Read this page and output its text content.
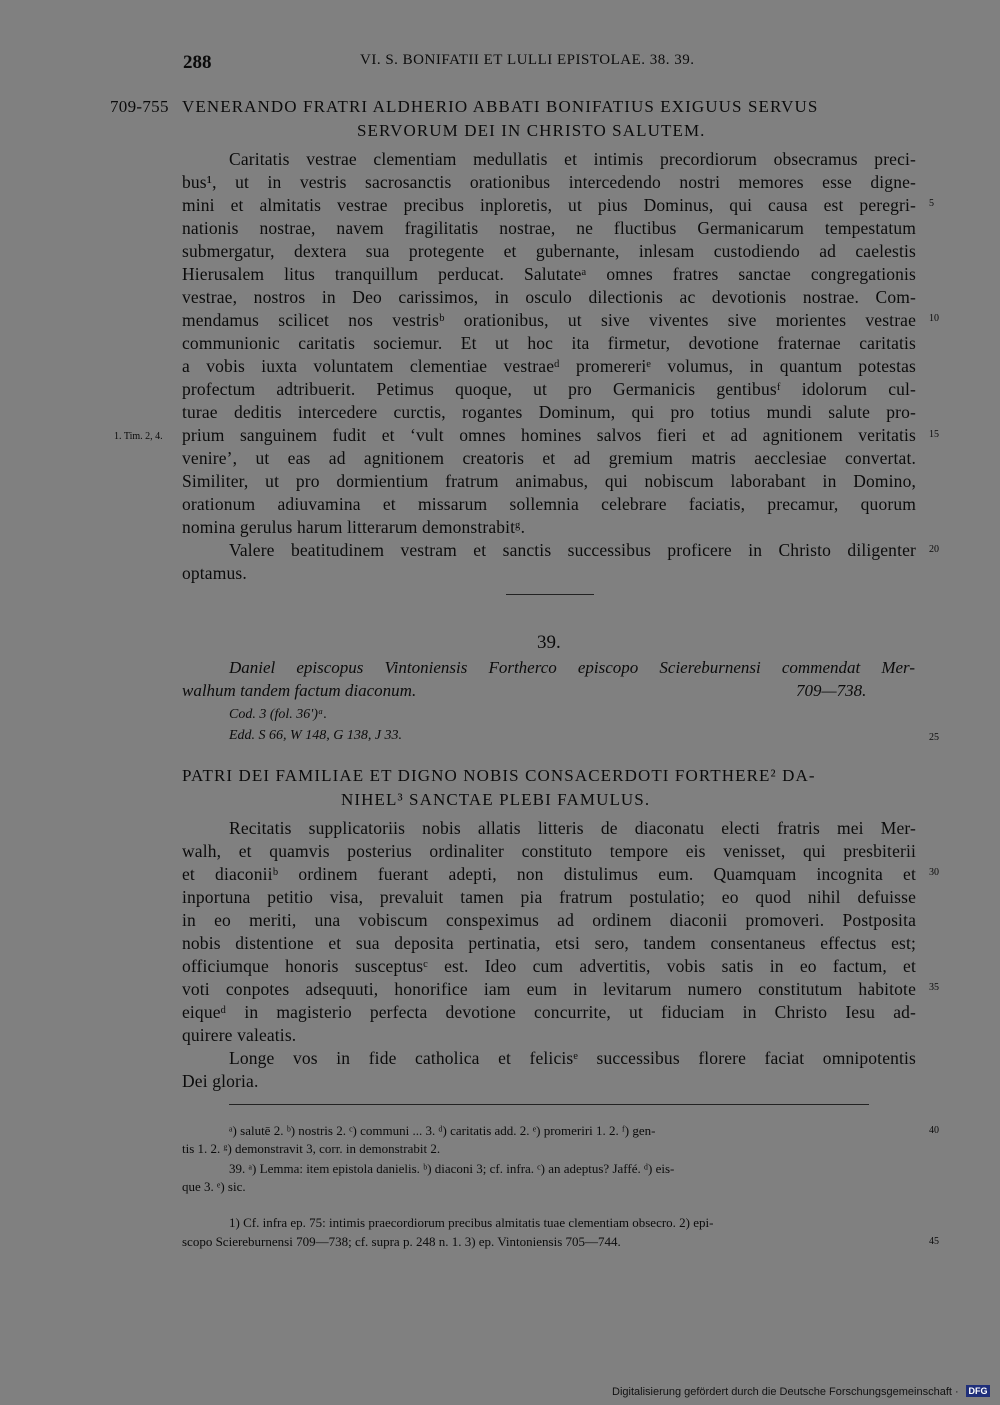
288	VI. S. BONIFATII ET LULLI EPISTOLAE. 38. 39.
709-755 VENERANDO FRATRI ALDHERIO ABBATI BONIFATIUS EXIGUUS SERVUS
SERVORUM DEI IN CHRISTO SALUTEM.
Caritatis vestrae clementiam medullatis et intimis precordiorum obsecramus preci-
bus¹, ut in vestris sacrosanctis orationibus intercedendo nostri memores esse digne-
mini et almitatis vestrae precibus inploretis, ut pius Dominus, qui causa est peregri-
nationis nostrae, navem fragilitatis nostrae, ne fluctibus Germanicarum tempestatum
submergatur, dextera sua protegente et gubernante, inlesam custodiendo ad caelestis
Hierusalem litus tranquillum perducat. Salutateᵃ omnes fratres sanctae congregationis
vestrae, nostros in Deo carissimos, in osculo dilectionis ac devotionis nostrae. Com-
mendamus scilicet nos vestrisᵇ orationibus, ut sive viventes sive morientes vestrae
communionic caritatis sociemur. Et ut hoc ita firmetur, devotione fraternae caritatis
a vobis iuxta voluntatem clementiae vestraeᵈ promereriᵉ volumus, in quantum potestas
profectum adtribuerit. Petimus quoque, ut pro Germanicis gentibusᶠ idolorum cul-
turae deditis intercedere curctis, rogantes Dominum, qui pro totius mundi salute pro-
prium sanguinem fudit et ‘vult omnes homines salvos fieri et ad agnitionem veritatis
venire’, ut eas ad agnitionem creatoris et ad gremium matris aecclesiae convertat.
Similiter, ut pro dormientium fratrum animabus, qui nobiscum laborabant in Domino,
orationum adiuvamina et missarum sollemnia celebrare faciatis, precamur, quorum
nomina gerulus harum litterarum demonstrabitᵍ.
Valere beatitudinem vestram et sanctis successibus proficere in Christo diligenter
optamus.
1. Tim. 2, 4.
39.
Daniel episcopus Vintoniensis Fortherco episcopo Sciereburnensi commendat Mer-
walhum tandem factum diaconum.	709—738.
Cod. 3 (fol. 36')ᵃ.
Edd. S 66, W 148, G 138, J 33.
PATRI DEI FAMILIAE ET DIGNO NOBIS CONSACERDOTI FORTHERE² DA-
NIHEL³ SANCTAE PLEBI FAMULUS.
Recitatis supplicatoriis nobis allatis litteris de diaconatu electi fratris mei Mer-
walh, et quamvis posterius ordinaliter constituto tempore eis venisset, qui presbiterii
et diaconiiᵇ ordinem fuerant adepti, non distulimus eum. Quamquam incognita et
inportuna petitio visa, prevaluit tamen pia fratrum postulatio; eo quod nihil defuisse
in eo meriti, una vobiscum conspeximus ad ordinem diaconii promoveri. Postposita
nobis distentione et sua deposita pertinatia, etsi sero, tandem consentaneus effectus est;
officiumque honoris susceptusᶜ est. Ideo cum advertitis, vobis satis in eo factum, et
voti conpotes adsequuti, honorifice iam eum in levitarum numero constitutum habitote
eiqueᵈ in magisterio perfecta devotione concurrite, ut fiduciam in Christo Iesu ad-
quirere valeatis.
Longe vos in fide catholica et felicisᵉ successibus florere faciat omnipotentis
Dei gloria.
ᵃ) salutē 2. ᵇ) nostris 2. ᶜ) communi ... 3. ᵈ) caritatis add. 2. ᵉ) promeriri 1. 2. ᶠ) gen-
tis 1. 2. ᵍ) demonstravit 3, corr. in demonstrabit 2.
39. ᵃ) Lemma: item epistola danielis. ᵇ) diaconi 3; cf. infra. ᶜ) an adeptus? Jaffé. ᵈ) eis-
que 3. ᵉ) sic.
1) Cf. infra ep. 75: intimis praecordiorum precibus almitatis tuae clementiam obsecro. 2) epi-
scopo Sciereburnensi 709—738; cf. supra p. 248 n. 1. 3) ep. Vintoniensis 705—744.
5
10
15
20
25
30
35
40
45
Digitalisierung gefördert durch die Deutsche Forschungsgemeinschaft · DFG
